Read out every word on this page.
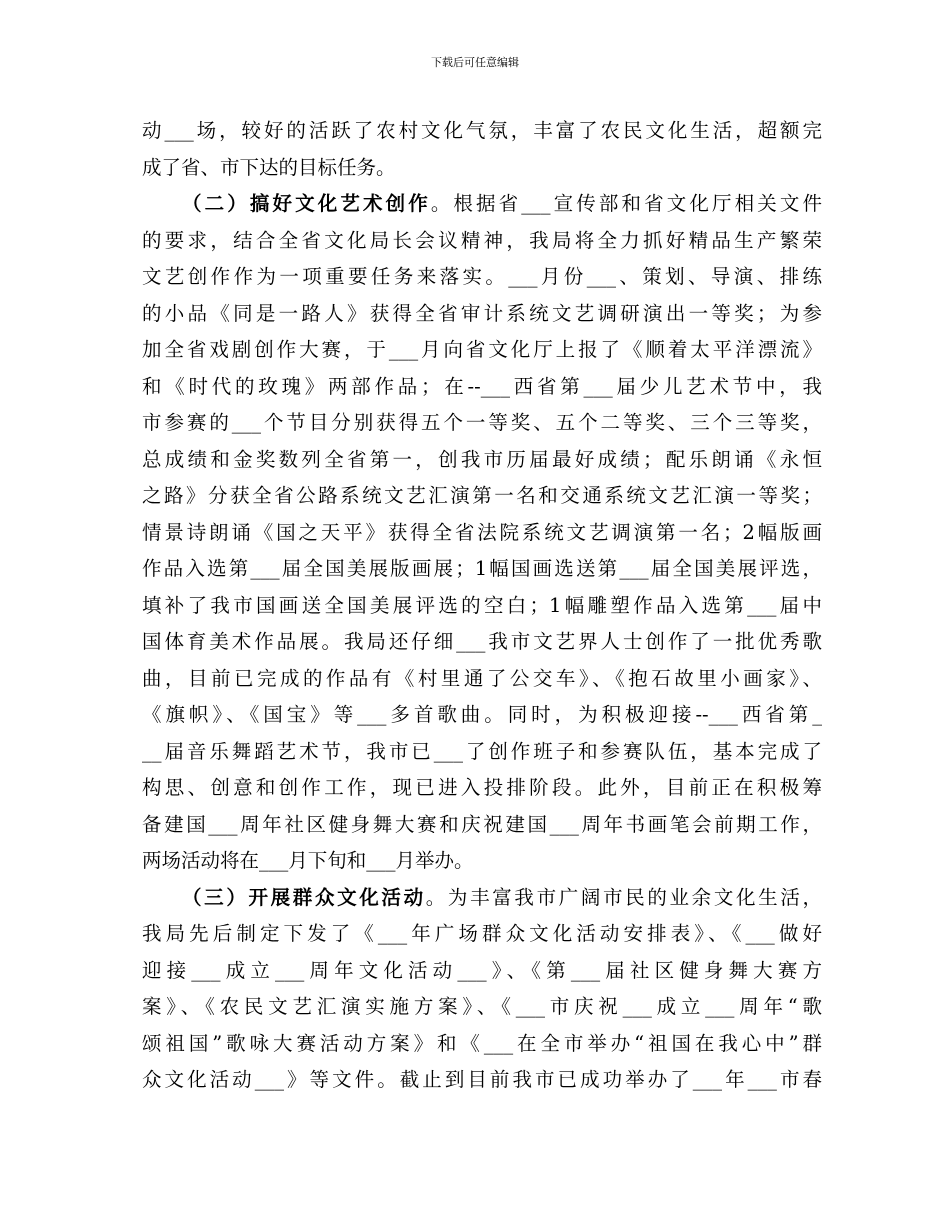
下载后可任意编辑
动___场，较好的活跃了农村文化气氛，丰富了农民文化生活，超额完
成了省、市下达的目标任务。
（二）搞好文化艺术创作。根据省___宣传部和省文化厅相关文件
的要求，结合全省文化局长会议精神，我局将全力抓好精品生产繁荣
文艺创作作为一项重要任务来落实。___月份___、策划、导演、排练
的小品《同是一路人》获得全省审计系统文艺调研演出一等奖；为参
加全省戏剧创作大赛，于___月向省文化厅上报了《顺着太平洋漂流》
和《时代的玫瑰》两部作品；在--___西省第___届少儿艺术节中，我
市参赛的___个节目分别获得五个一等奖、五个二等奖、三个三等奖，
总成绩和金奖数列全省第一，创我市历届最好成绩；配乐朗诵《永恒
之路》分获全省公路系统文艺汇演第一名和交通系统文艺汇演一等奖；
情景诗朗诵《国之天平》获得全省法院系统文艺调演第一名；2幅版画
作品入选第___届全国美展版画展；1幅国画选送第___届全国美展评选，
填补了我市国画送全国美展评选的空白；1幅雕塑作品入选第___届中
国体育美术作品展。我局还仔细___我市文艺界人士创作了一批优秀歌
曲，目前已完成的作品有《村里通了公交车》、《抱石故里小画家》、
《旗帜》、《国宝》等___多首歌曲。同时，为积极迎接--___西省第_
__届音乐舞蹈艺术节，我市已___了创作班子和参赛队伍，基本完成了
构思、创意和创作工作，现已进入投排阶段。此外，目前正在积极筹
备建国___周年社区健身舞大赛和庆祝建国___周年书画笔会前期工作，
两场活动将在___月下旬和___月举办。
（三）开展群众文化活动。为丰富我市广阔市民的业余文化生活，
我局先后制定下发了《___年广场群众文化活动安排表》、《___做好
迎接___成立___周年文化活动___》、《第___届社区健身舞大赛方
案》、《农民文艺汇演实施方案》、《___市庆祝___成立___周年“歌
颂祖国”歌咏大赛活动方案》和《___在全市举办“祖国在我心中”群
众文化活动___》等文件。截止到目前我市已成功举办了___年___市春
